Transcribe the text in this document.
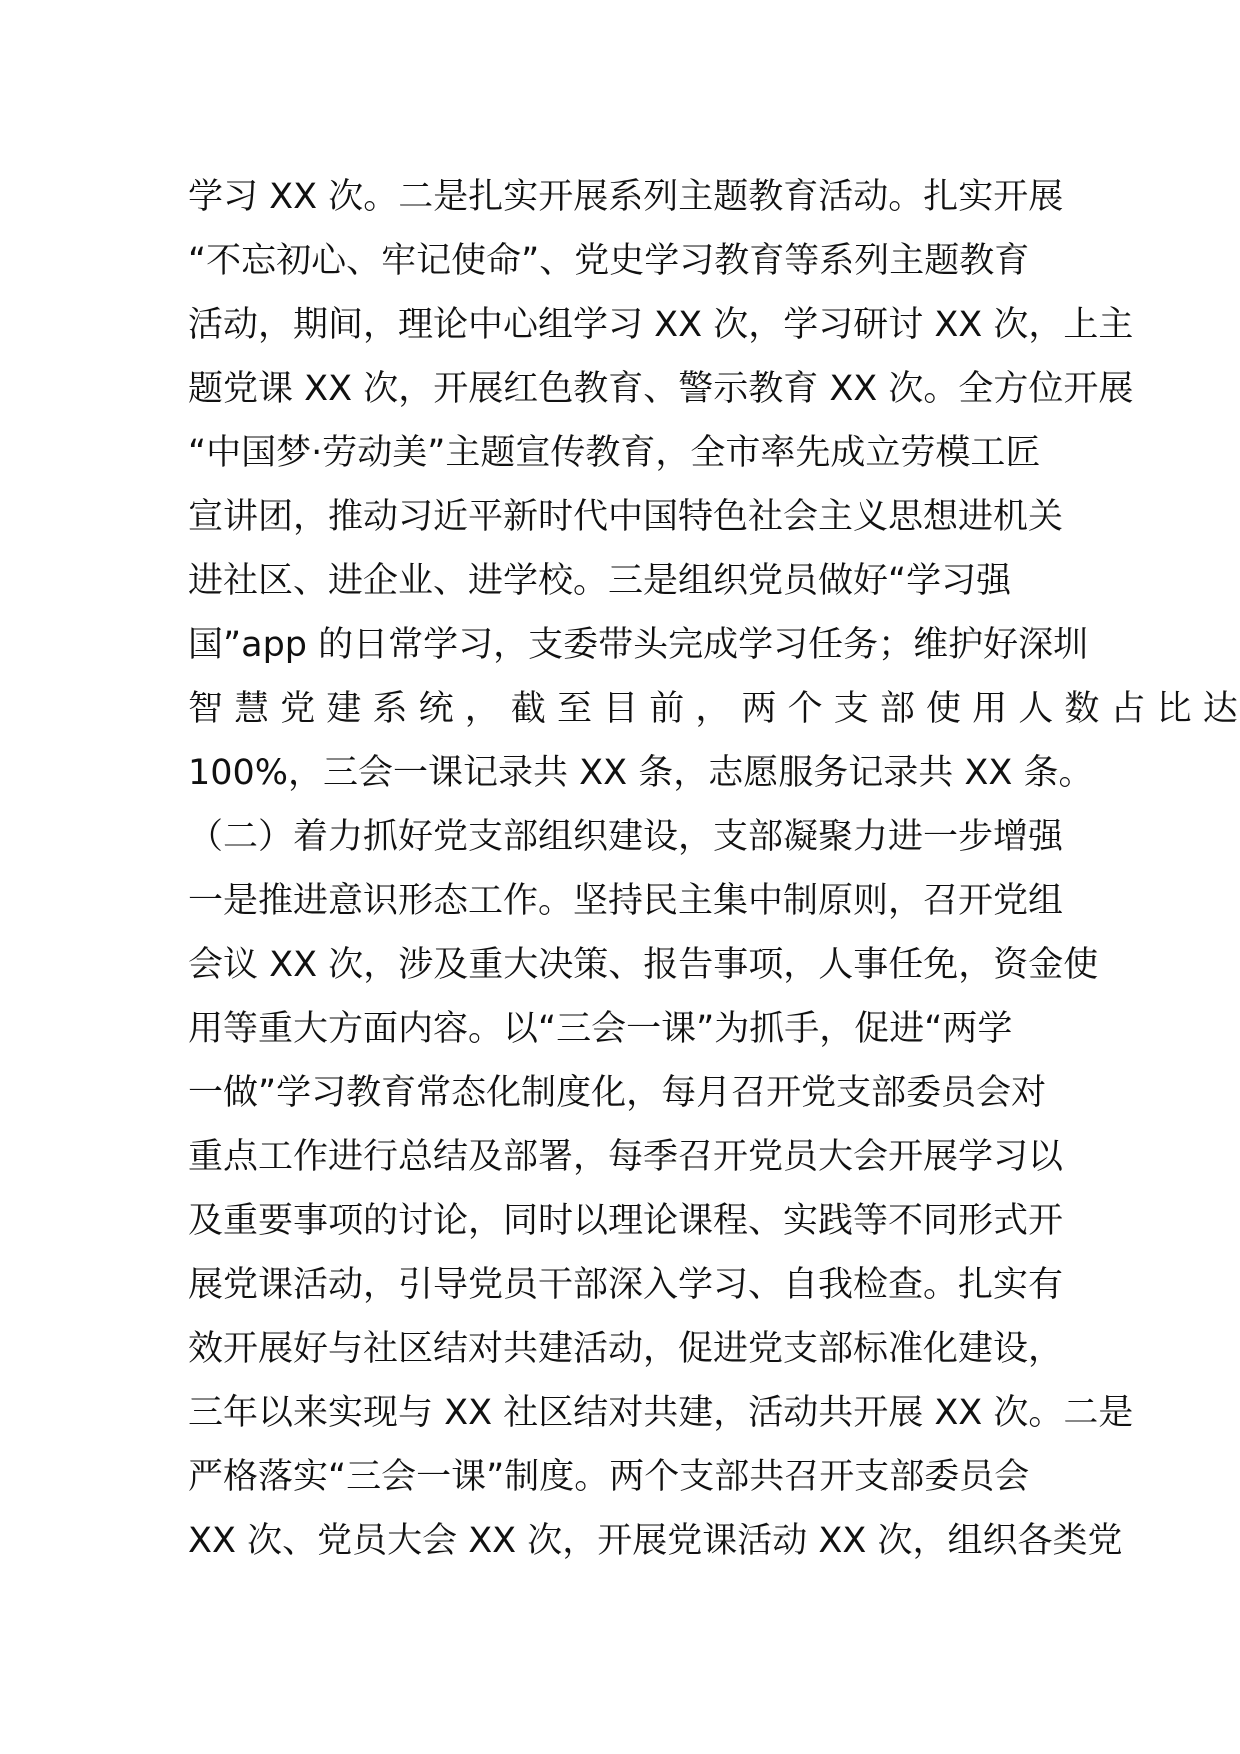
学习 XX 次。二是扎实开展系列主题教育活动。扎实开展
“不忘初心、牢记使命”、党史学习教育等系列主题教育
活动，期间，理论中心组学习 XX 次，学习研讨 XX 次，上主
题党课 XX 次，开展红色教育、警示教育 XX 次。全方位开展
“中国梦·劳动美”主题宣传教育，全市率先成立劳模工匠
宣讲团，推动习近平新时代中国特色社会主义思想进机关
进社区、进企业、进学校。三是组织党员做好“学习强
国”app 的日常学习，支委带头完成学习任务；维护好深圳
智 慧 党 建 系 统 ， 截 至 目 前 ， 两 个 支 部 使 用 人 数 占 比 达
100%，三会一课记录共 XX 条，志愿服务记录共 XX 条。
（二）着力抓好党支部组织建设，支部凝聚力进一步增强
一是推进意识形态工作。坚持民主集中制原则，召开党组
会议 XX 次，涉及重大决策、报告事项，人事任免，资金使
用等重大方面内容。以“三会一课”为抓手，促进“两学
一做”学习教育常态化制度化，每月召开党支部委员会对
重点工作进行总结及部署，每季召开党员大会开展学习以
及重要事项的讨论，同时以理论课程、实践等不同形式开
展党课活动，引导党员干部深入学习、自我检查。扎实有
效开展好与社区结对共建活动，促进党支部标准化建设，
三年以来实现与 XX 社区结对共建，活动共开展 XX 次。二是
严格落实“三会一课”制度。两个支部共召开支部委员会
XX 次、党员大会 XX 次，开展党课活动 XX 次，组织各类党
